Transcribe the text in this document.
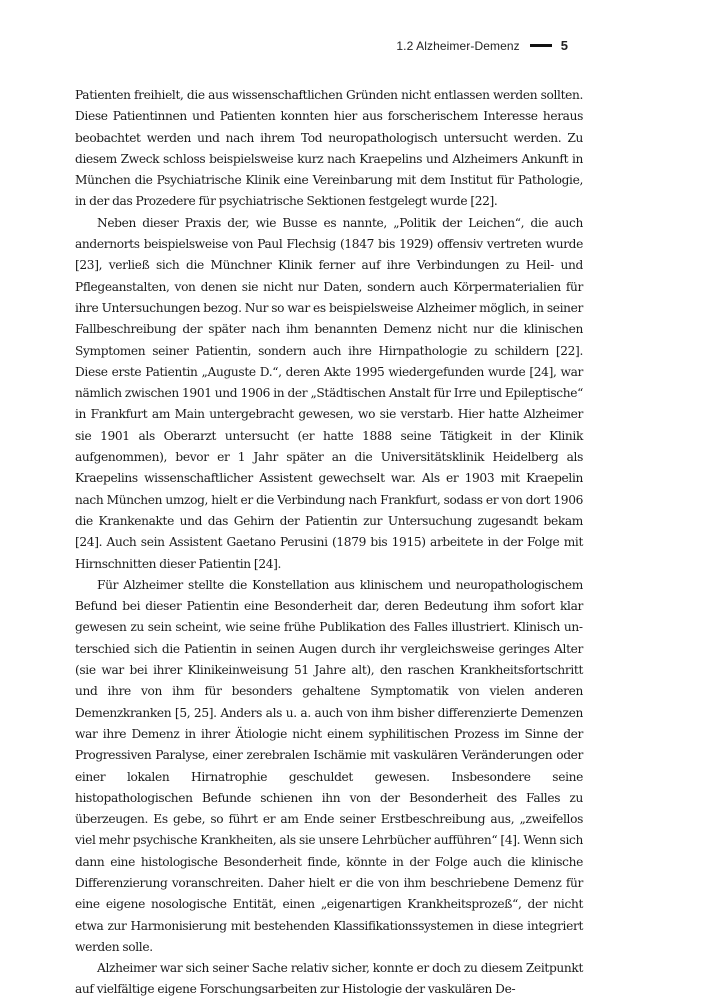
1.2 Alzheimer-Demenz	5

Patienten freihielt, die aus wissenschaftlichen Gründen nicht entlassen werden sollten. Diese Patientinnen und Patienten konnten hier aus forscherischem Interesse heraus beobachtet werden und nach ihrem Tod neuropathologisch untersucht werden. Zu diesem Zweck schloss beispielsweise kurz nach Kraepelins und Alzheimers Ankunft in München die Psychiatrische Klinik eine Vereinbarung mit dem Institut für Pathologie, in der das Prozedere für psychiatrische Sektionen festgelegt wurde [22].

Neben dieser Praxis der, wie Busse es nannte, „Politik der Leichen“, die auch andernorts beispielsweise von Paul Flechsig (1847 bis 1929) offensiv vertreten wurde [23], verließ sich die Münchner Klinik ferner auf ihre Verbindungen zu Heil- und Pflegeanstalten, von denen sie nicht nur Daten, sondern auch Körpermaterialien für ihre Untersuchungen bezog. Nur so war es beispielsweise Alzheimer möglich, in seiner Fallbeschreibung der später nach ihm benannten Demenz nicht nur die klinischen Symptomen seiner Patientin, sondern auch ihre Hirnpathologie zu schildern [22]. Diese erste Patientin „Auguste D.“, deren Akte 1995 wiedergefunden wurde [24], war nämlich zwischen 1901 und 1906 in der „Städtischen Anstalt für Irre und Epileptische“ in Frankfurt am Main untergebracht gewesen, wo sie verstarb. Hier hatte Alzheimer sie 1901 als Oberarzt untersucht (er hatte 1888 seine Tätigkeit in der Klinik aufgenommen), bevor er 1 Jahr später an die Universitätsklinik Heidelberg als Kraepelins wissenschaftlicher Assistent gewechselt war. Als er 1903 mit Kraepelin nach München umzog, hielt er die Verbindung nach Frankfurt, sodass er von dort 1906 die Krankenakte und das Gehirn der Patientin zur Untersuchung zugesandt bekam [24]. Auch sein Assistent Gaetano Perusini (1879 bis 1915) arbeitete in der Folge mit Hirnschnitten dieser Patientin [24].

Für Alzheimer stellte die Konstellation aus klinischem und neuropathologischem Befund bei dieser Patientin eine Besonderheit dar, deren Bedeutung ihm sofort klar gewesen zu sein scheint, wie seine frühe Publikation des Falles illustriert. Klinisch unterschied sich die Patientin in seinen Augen durch ihr vergleichsweise geringes Alter (sie war bei ihrer Klinikeinweisung 51 Jahre alt), den raschen Krankheitsfortschritt und ihre von ihm für besonders gehaltene Symptomatik von vielen anderen Demenzkranken [5, 25]. Anders als u. a. auch von ihm bisher differenzierte Demenzen war ihre Demenz in ihrer Ätiologie nicht einem syphilitischen Prozess im Sinne der Progressiven Paralyse, einer zerebralen Ischämie mit vaskulären Veränderungen oder einer lokalen Hirnatrophie geschuldet gewesen. Insbesondere seine histopathologischen Befunde schienen ihn von der Besonderheit des Falles zu überzeugen. Es gebe, so führt er am Ende seiner Erstbeschreibung aus, „zweifellos viel mehr psychische Krankheiten, als sie unsere Lehrbücher aufführen“ [4]. Wenn sich dann eine histologische Besonderheit finde, könnte in der Folge auch die klinische Differenzierung voranschreiten. Daher hielt er die von ihm beschriebene Demenz für eine eigene nosologische Entität, einen „eigenartigen Krankheitsprozeß“, der nicht etwa zur Harmonisierung mit bestehenden Klassifikationssystemen in diese integriert werden solle.

Alzheimer war sich seiner Sache relativ sicher, konnte er doch zu diesem Zeitpunkt auf vielfältige eigene Forschungsarbeiten zur Histologie der vaskulären De-
